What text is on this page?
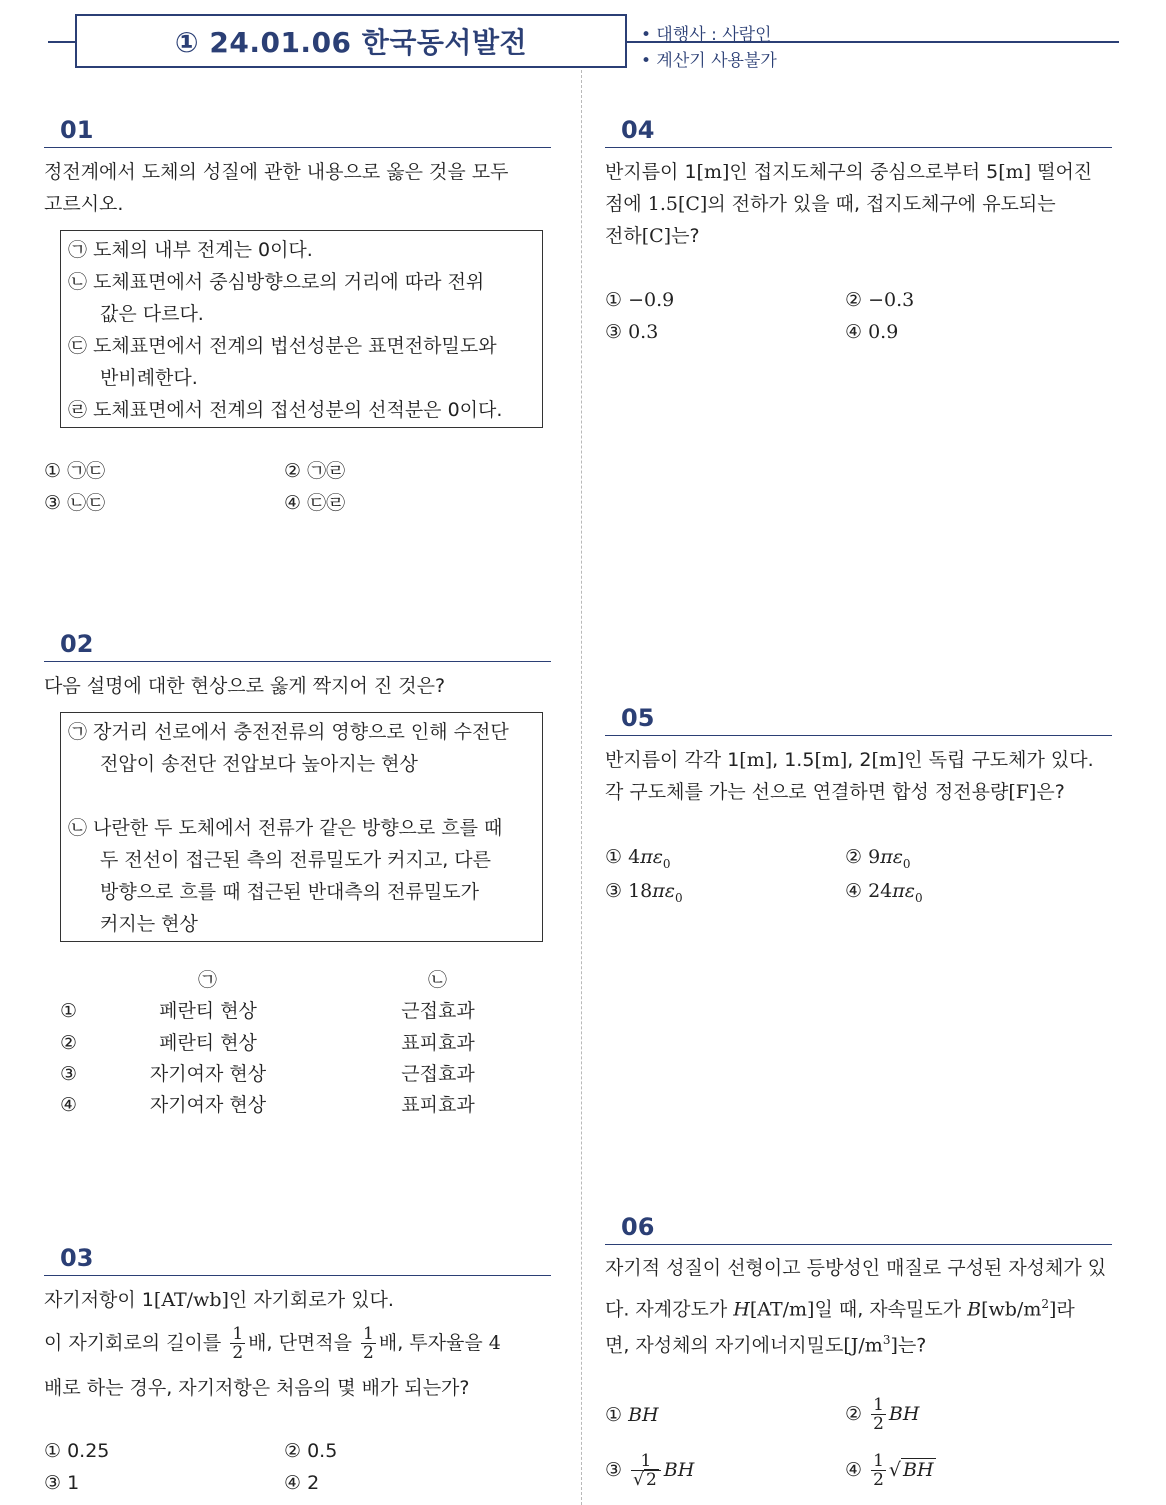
① 24.01.06 한국동서발전	• 대행사 : 사람인
• 계산기 사용불가
01
정전계에서 도체의 성질에 관한 내용으로 옳은 것을 모두
고르시오.
㉠ 도체의 내부 전계는 0이다.
㉡ 도체표면에서 중심방향으로의 거리에 따라 전위
값은 다르다.
㉢ 도체표면에서 전계의 법선성분은 표면전하밀도와
반비례한다.
㉣ 도체표면에서 전계의 접선성분의 선적분은 0이다.
① ㉠㉢	② ㉠㉣
③ ㉡㉢	④ ㉢㉣
02
다음 설명에 대한 현상으로 옳게 짝지어 진 것은?
㉠ 장거리 선로에서 충전전류의 영향으로 인해 수전단
전압이 송전단 전압보다 높아지는 현상
㉡ 나란한 두 도체에서 전류가 같은 방향으로 흐를 때
두 전선이 접근된 측의 전류밀도가 커지고, 다른
방향으로 흐를 때 접근된 반대측의 전류밀도가
커지는 현상
㉠	㉡
①	페란티 현상	근접효과
②	페란티 현상	표피효과
③	자기여자 현상	근접효과
④	자기여자 현상	표피효과
03
자기저항이 1[AT/wb]인 자기회로가 있다.
이 자기회로의 길이를 $\frac{1}{2}$ 배, 단면적을 $\frac{1}{2}$ 배, 투자율을 4
배로 하는 경우, 자기저항은 처음의 몇 배가 되는가?
① 0.25	② 0.5
③ 1	④ 2
04
반지름이 1[m]인 접지도체구의 중심으로부터 5[m] 떨어진
점에 1.5[C]의 전하가 있을 때, 접지도체구에 유도되는
전하[C]는?
① −0.9	② −0.3
③ 0.3	④ 0.9
05
반지름이 각각 1[m], 1.5[m], 2[m]인 독립 구도체가 있다.
각 구도체를 가는 선으로 연결하면 합성 정전용량[F]은?
① $4\pi\varepsilon_0$	② $9\pi\varepsilon_0$
③ $18\pi\varepsilon_0$	④ $24\pi\varepsilon_0$
06
자기적 성질이 선형이고 등방성인 매질로 구성된 자성체가 있
다. 자계강도가 H[AT/m]일 때, 자속밀도가 $B[wb/m^2]$라
면, 자성체의 자기에너지밀도$[J/m^3]$는?
① BH	② $\frac{1}{2}$ BH
③ $\frac{1}{√ 2}$ BH	④ $\frac{1}{2}$ √ BH
